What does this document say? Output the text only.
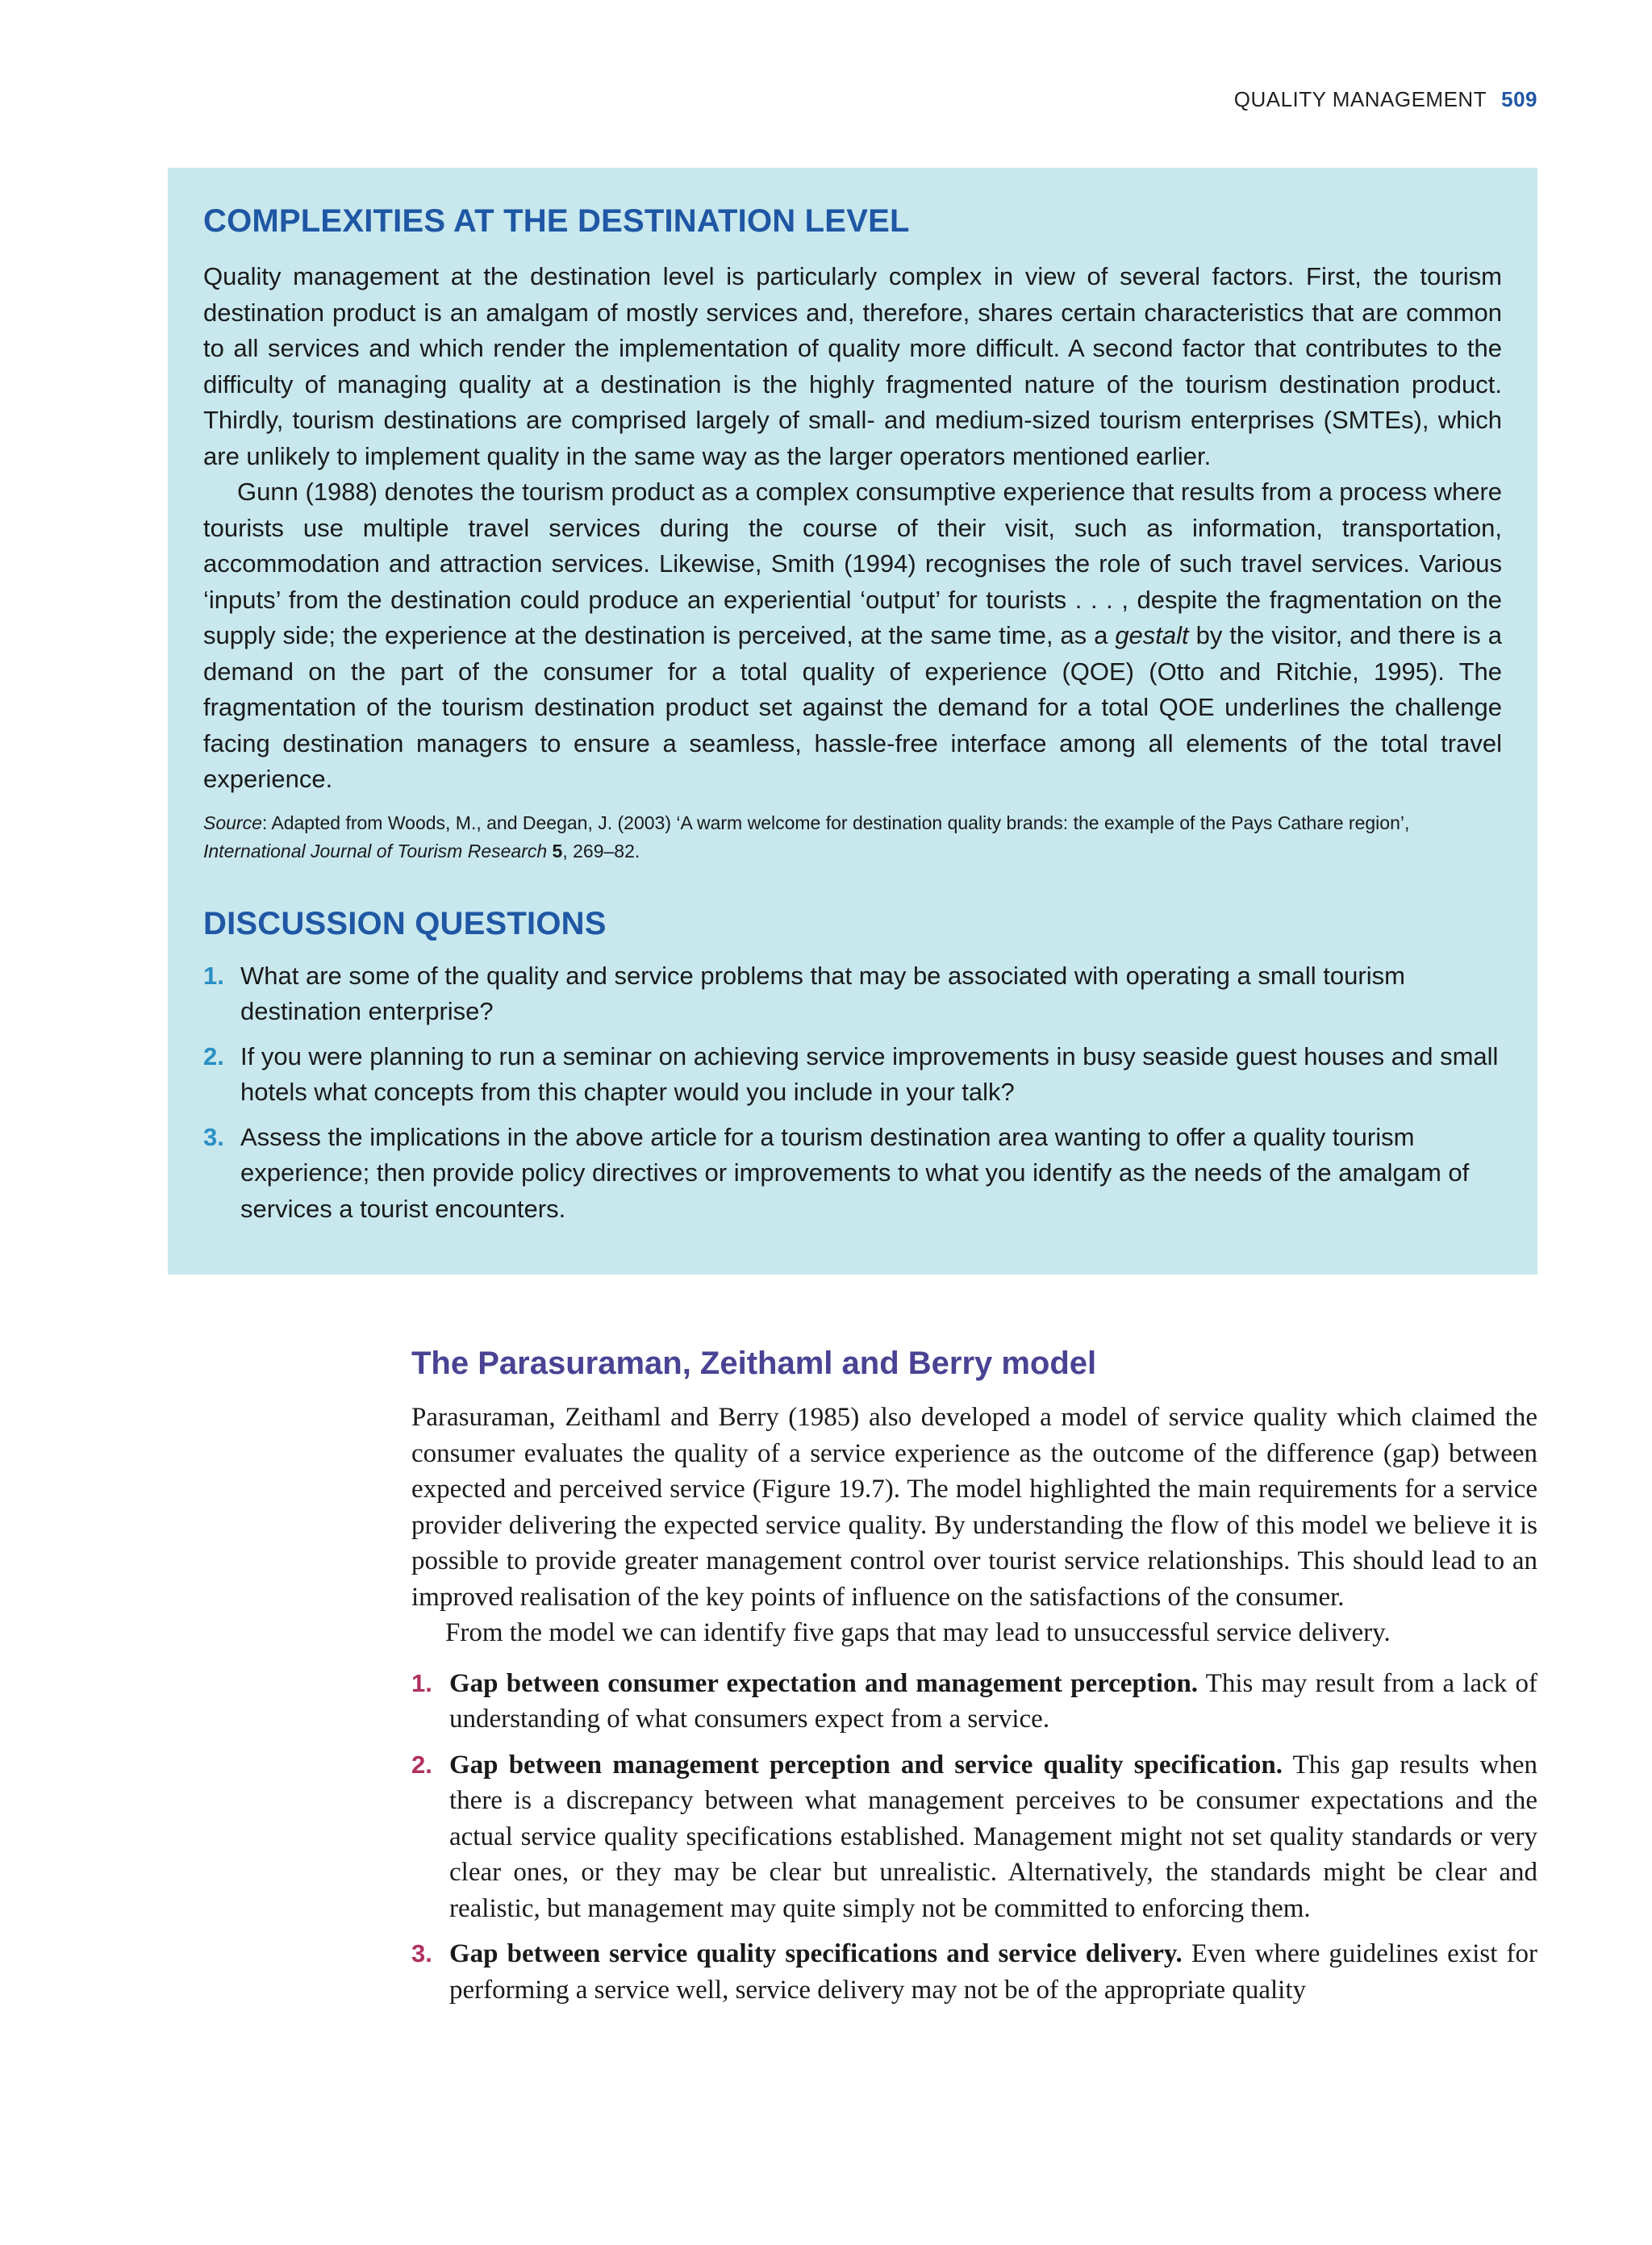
QUALITY MANAGEMENT 509
COMPLEXITIES AT THE DESTINATION LEVEL

Quality management at the destination level is particularly complex in view of several factors. First, the tourism destination product is an amalgam of mostly services and, therefore, shares certain characteristics that are common to all services and which render the implementation of quality more difficult. A second factor that contributes to the difficulty of managing quality at a destination is the highly fragmented nature of the tourism destination product. Thirdly, tourism destinations are comprised largely of small- and medium-sized tourism enterprises (SMTEs), which are unlikely to implement quality in the same way as the larger operators mentioned earlier.

Gunn (1988) denotes the tourism product as a complex consumptive experience that results from a process where tourists use multiple travel services during the course of their visit, such as information, transportation, accommodation and attraction services. Likewise, Smith (1994) recognises the role of such travel services. Various ‘inputs’ from the destination could produce an experiential ‘output’ for tourists . . . , despite the fragmentation on the supply side; the experience at the destination is perceived, at the same time, as a gestalt by the visitor, and there is a demand on the part of the consumer for a total quality of experience (QOE) (Otto and Ritchie, 1995). The fragmentation of the tourism destination product set against the demand for a total QOE underlines the challenge facing destination managers to ensure a seamless, hassle-free interface among all elements of the total travel experience.

Source: Adapted from Woods, M., and Deegan, J. (2003) ‘A warm welcome for destination quality brands: the example of the Pays Cathare region’, International Journal of Tourism Research 5, 269–82.

DISCUSSION QUESTIONS
1. What are some of the quality and service problems that may be associated with operating a small tourism destination enterprise?
2. If you were planning to run a seminar on achieving service improvements in busy seaside guest houses and small hotels what concepts from this chapter would you include in your talk?
3. Assess the implications in the above article for a tourism destination area wanting to offer a quality tourism experience; then provide policy directives or improvements to what you identify as the needs of the amalgam of services a tourist encounters.
The Parasuraman, Zeithaml and Berry model

Parasuraman, Zeithaml and Berry (1985) also developed a model of service quality which claimed the consumer evaluates the quality of a service experience as the outcome of the difference (gap) between expected and perceived service (Figure 19.7). The model highlighted the main requirements for a service provider delivering the expected service quality. By understanding the flow of this model we believe it is possible to provide greater management control over tourist service relationships. This should lead to an improved realisation of the key points of influence on the satisfactions of the consumer.

From the model we can identify five gaps that may lead to unsuccessful service delivery.

1. Gap between consumer expectation and management perception. This may result from a lack of understanding of what consumers expect from a service.
2. Gap between management perception and service quality specification. This gap results when there is a discrepancy between what management perceives to be consumer expectations and the actual service quality specifications established. Management might not set quality standards or very clear ones, or they may be clear but unrealistic. Alternatively, the standards might be clear and realistic, but management may quite simply not be committed to enforcing them.
3. Gap between service quality specifications and service delivery. Even where guidelines exist for performing a service well, service delivery may not be of the appropriate quality
